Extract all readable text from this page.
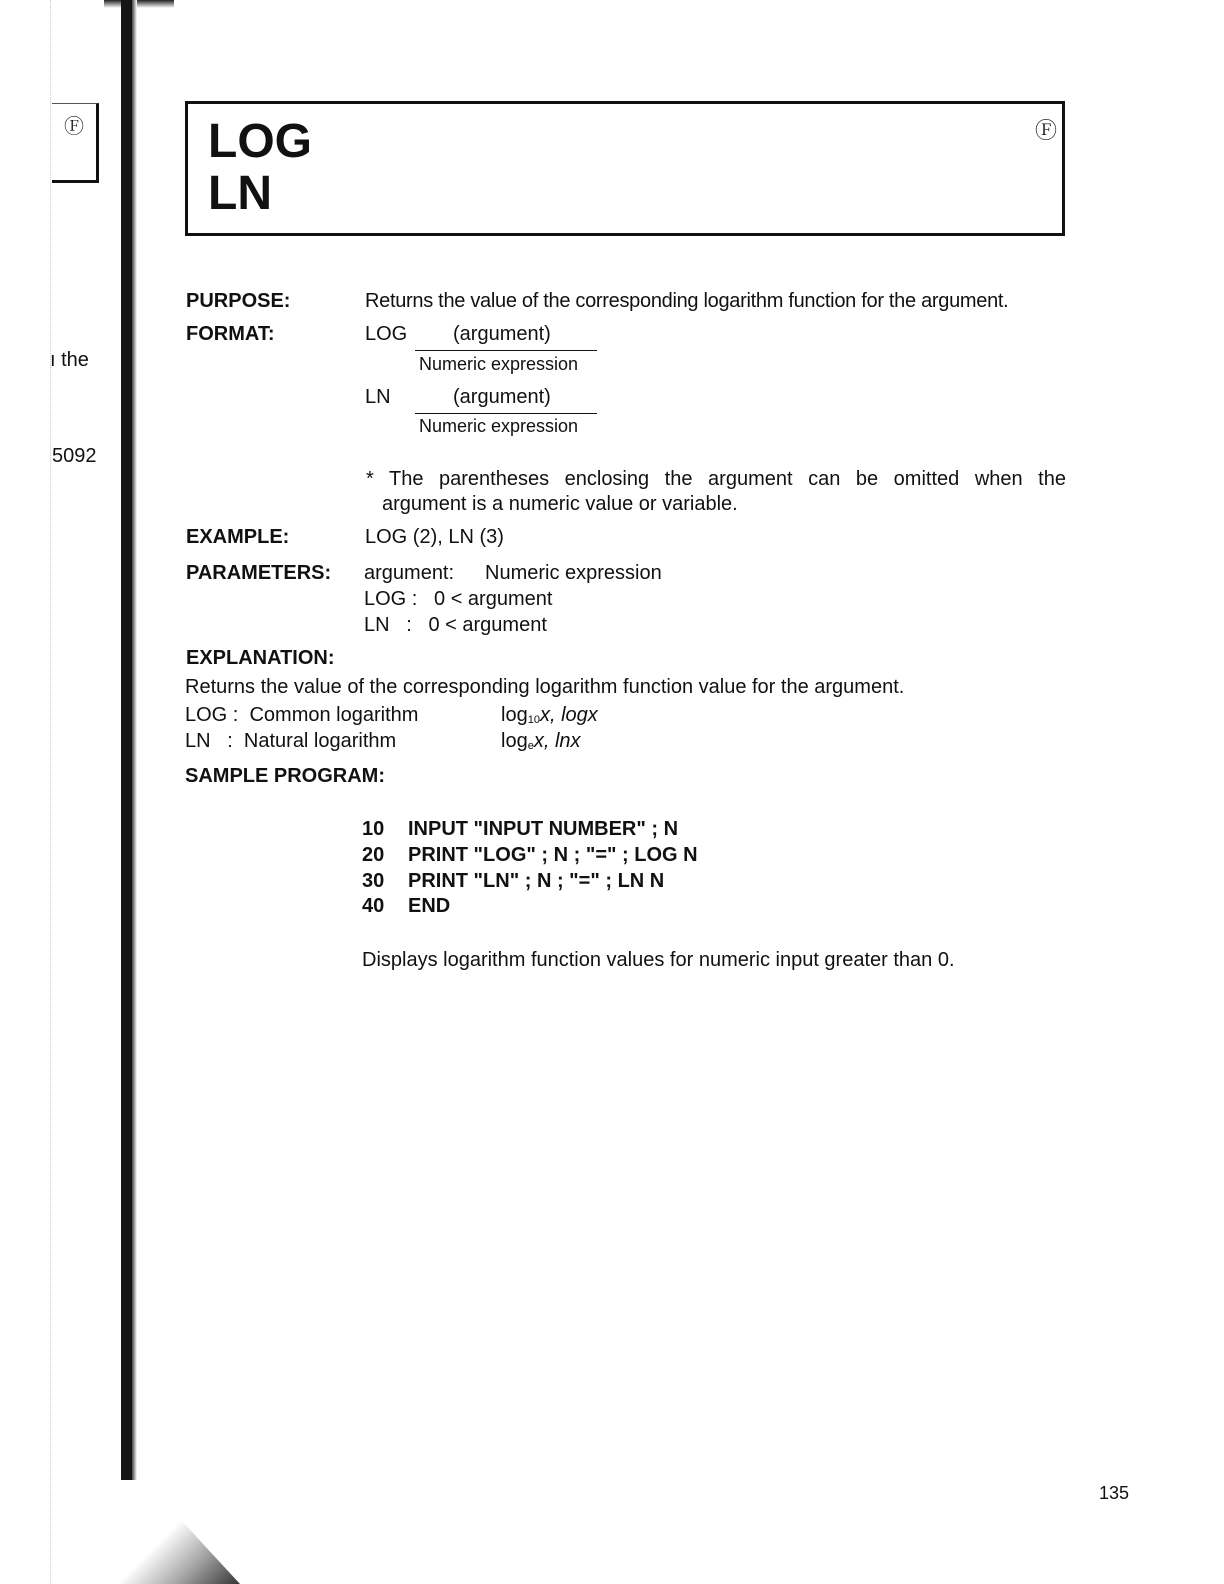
Ⓕ
ı the
5092
LOG
LN
Ⓕ
PURPOSE:	Returns the value of the corresponding logarithm function for the argument.
FORMAT:	LOG (argument)
Numeric expression
LN	(argument)
Numeric expression
* The parentheses enclosing the argument can be omitted when the
argument is a numeric value or variable.
EXAMPLE:	LOG (2), LN (3)
PARAMETERS: argument: Numeric expression
LOG :   0 < argument
LN   :   0 < argument
EXPLANATION:
Returns the value of the corresponding logarithm function value for the argument.
LOG :  Common logarithm	$\log_{10}x$, logx
LN   :  Natural logarithm	$\log_ex$, lnx
SAMPLE PROGRAM:
10 INPUT "INPUT NUMBER" ; N
20 PRINT "LOG" ; N ; "=" ; LOG N
30 PRINT "LN" ; N ; "=" ; LN N
40 END
Displays logarithm function values for numeric input greater than 0.
135
